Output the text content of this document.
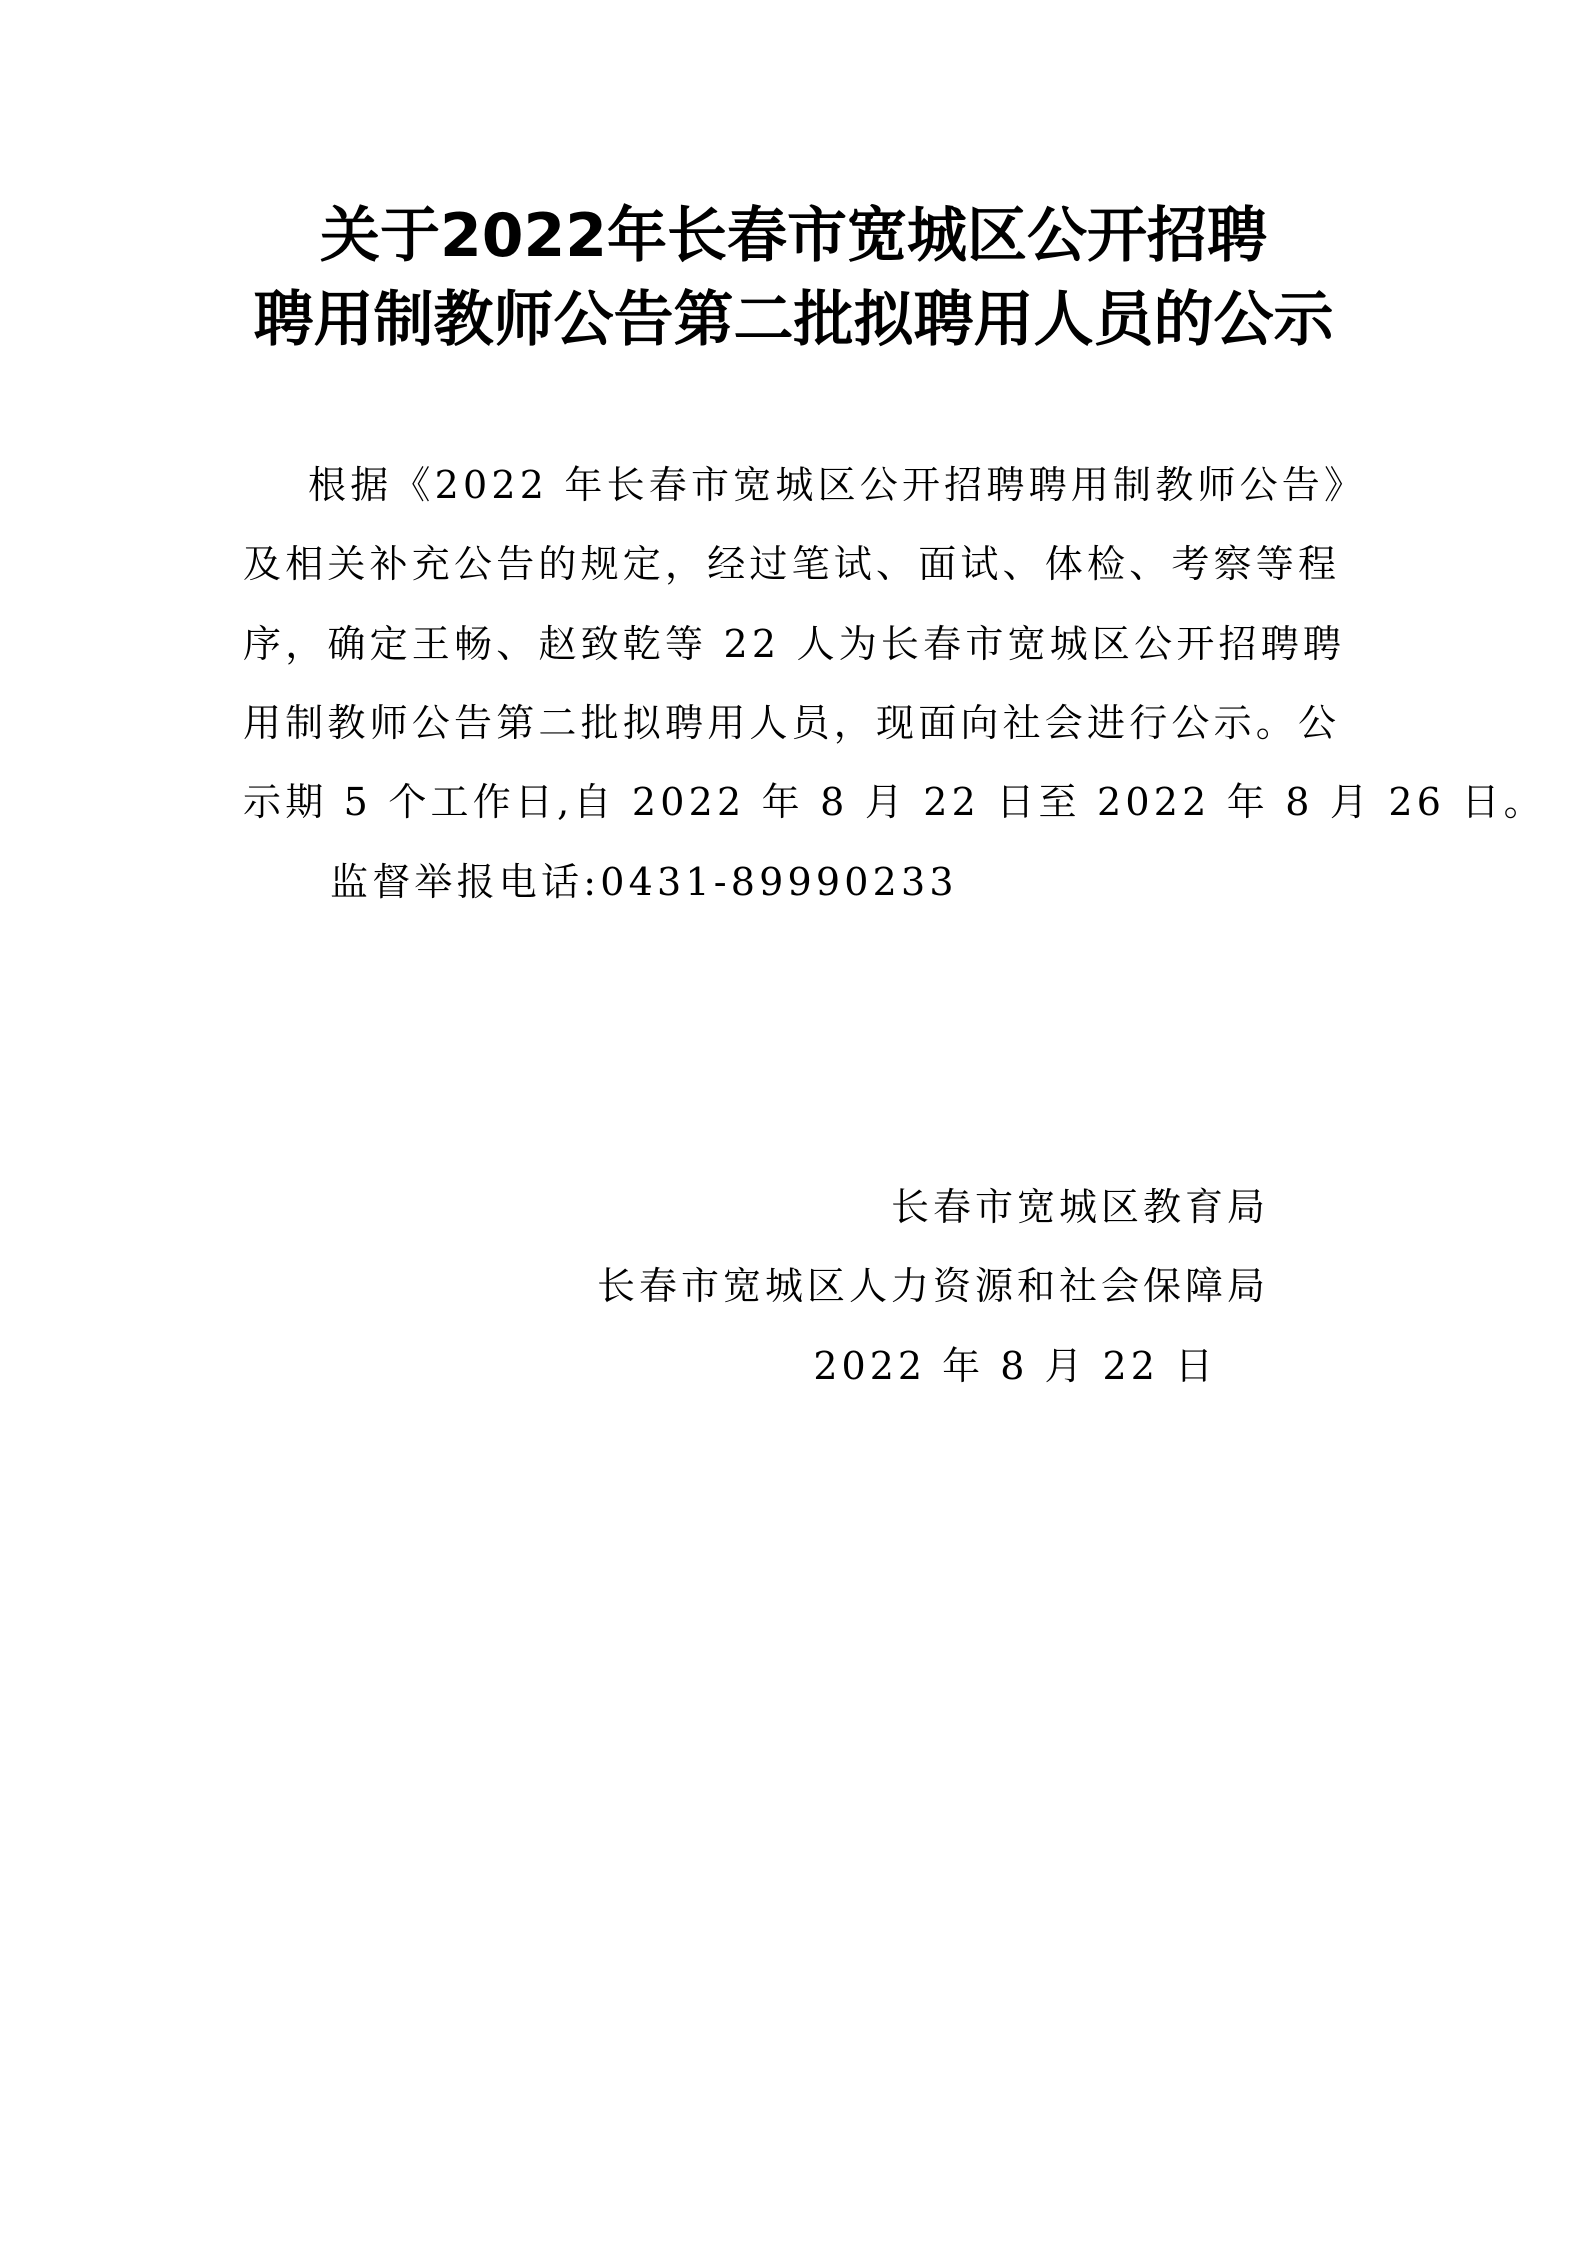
关于2022年长春市宽城区公开招聘
聘用制教师公告第二批拟聘用人员的公示
根据《2022 年长春市宽城区公开招聘聘用制教师公告》
及相关补充公告的规定，经过笔试、面试、体检、考察等程
序，确定王畅、赵致乾等 22 人为长春市宽城区公开招聘聘
用制教师公告第二批拟聘用人员，现面向社会进行公示。公
示期 5 个工作日,自 2022 年 8 月 22 日至 2022 年 8 月 26 日。
监督举报电话:0431-89990233
长春市宽城区教育局
长春市宽城区人力资源和社会保障局
2022 年 8 月 22 日
